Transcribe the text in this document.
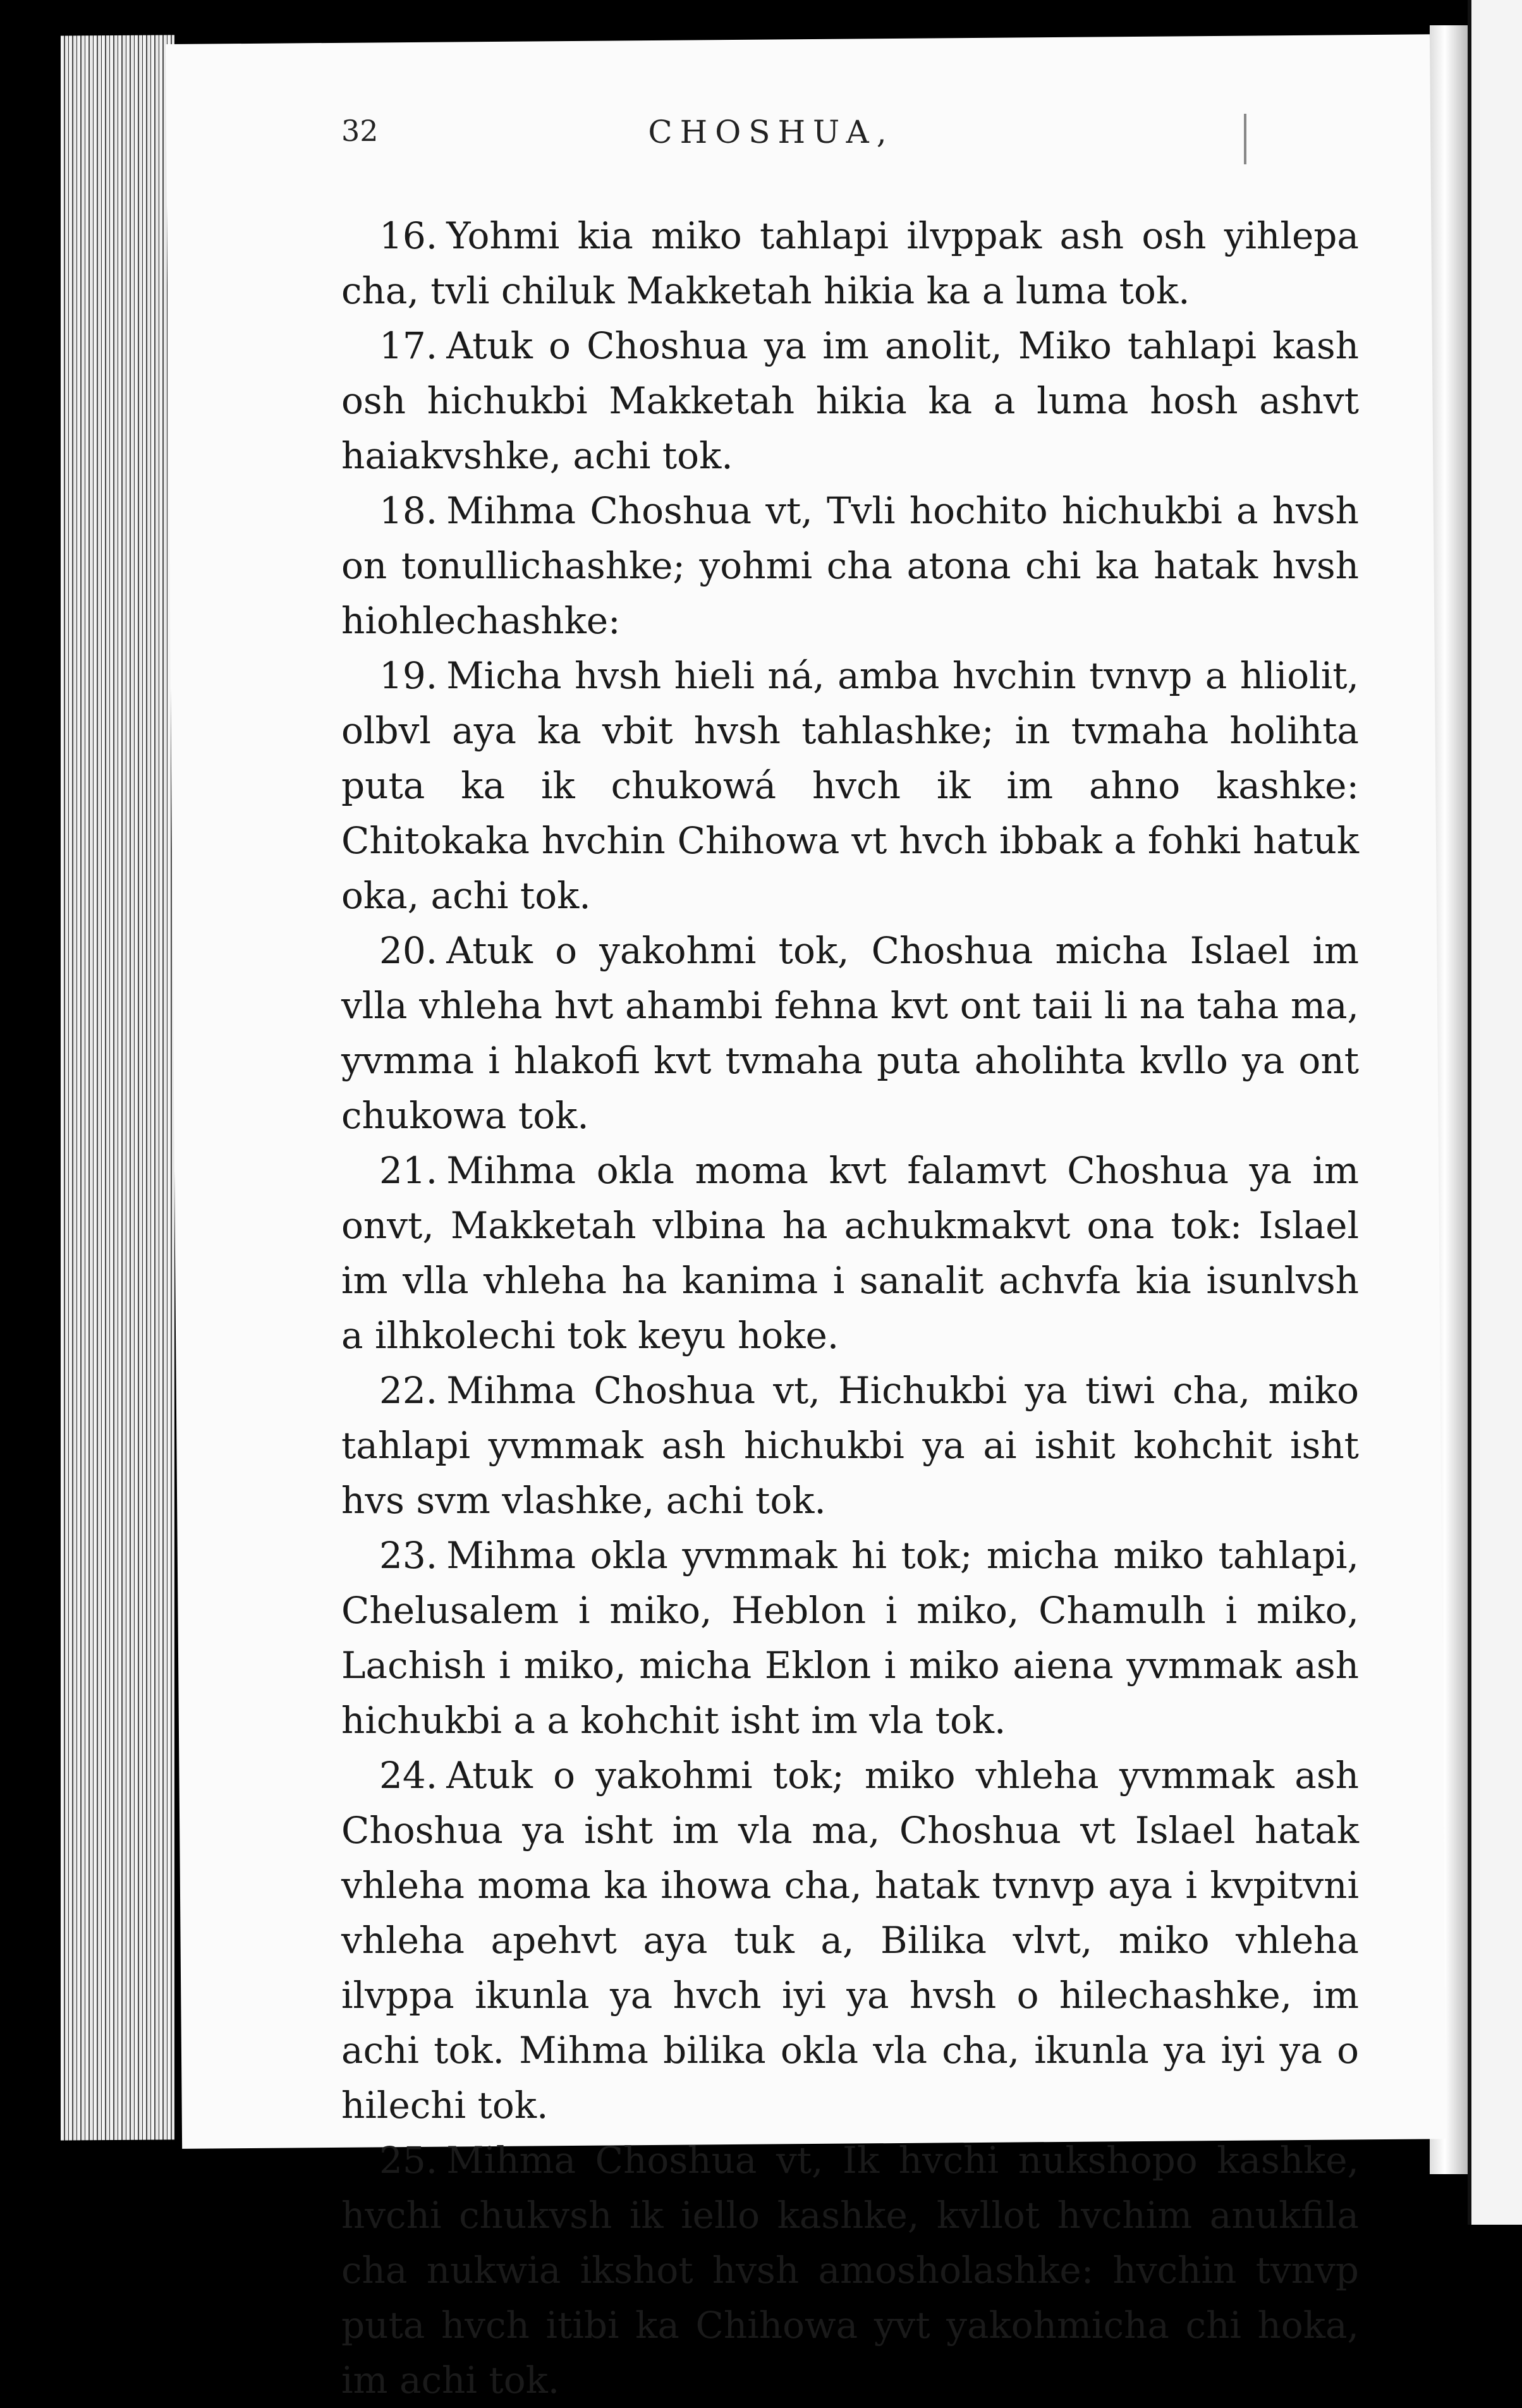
32	CHOSHUA,

16. Yohmi kia miko tahlapi ilvppak ash osh yihlepa cha, tvli chiluk Makketah hikia ka a luma tok.

17. Atuk o Choshua ya im anolit, Miko tahlapi kash osh hichukbi Makketah hikia ka a luma hosh ashvt haiakvshke, achi tok.

18. Mihma Choshua vt, Tvli hochito hichukbi a hvsh on tonullichashke; yohmi cha atona chi ka hatak hvsh hiohlechashke:

19. Micha hvsh hieli ná, amba hvchin tvnvp a hliolit, olbvl aya ka vbit hvsh tahlashke; in tvmaha holihta puta ka ik chukowá hvch ik im ahno kashke: Chitokaka hvchin Chihowa vt hvch ibbak a fohki hatuk oka, achi tok.

20. Atuk o yakohmi tok, Choshua micha Islael im vlla vhleha hvt ahambi fehna kvt ont taii li na taha ma, yvmma i hlakofi kvt tvmaha puta aholihta kvllo ya ont chukowa tok.

21. Mihma okla moma kvt falamvt Choshua ya im onvt, Makketah vlbina ha achukmakvt ona tok: Islael im vlla vhleha ha kanima i sanalit achvfa kia isunlvsh a ilhkolechi tok keyu hoke.

22. Mihma Choshua vt, Hichukbi ya tiwi cha, miko tahlapi yvmmak ash hichukbi ya ai ishit kohchit isht hvs svm vlashke, achi tok.

23. Mihma okla yvmmak hi tok; micha miko tahlapi, Chelusalem i miko, Heblon i miko, Chamulh i miko, Lachish i miko, micha Eklon i miko aiena yvmmak ash hichukbi a a kohchit isht im vla tok.

24. Atuk o yakohmi tok; miko vhleha yvmmak ash Choshua ya isht im vla ma, Choshua vt Islael hatak vhleha moma ka ihowa cha, hatak tvnvp aya i kvpitvni vhleha apehvt aya tuk a, Bilika vlvt, miko vhleha ilvppa ikunla ya hvch iyi ya hvsh o hilechashke, im achi tok. Mihma bilika okla vla cha, ikunla ya iyi ya o hilechi tok.

25. Mihma Choshua vt, Ik hvchi nukshopo kashke, hvchi chukvsh ik iello kashke, kvllot hvchim anukfila cha nukwia ikshot hvsh amosholashke: hvchin tvnvp puta hvch itibi ka Chihowa yvt yakohmicha chi hoka, im achi tok.
